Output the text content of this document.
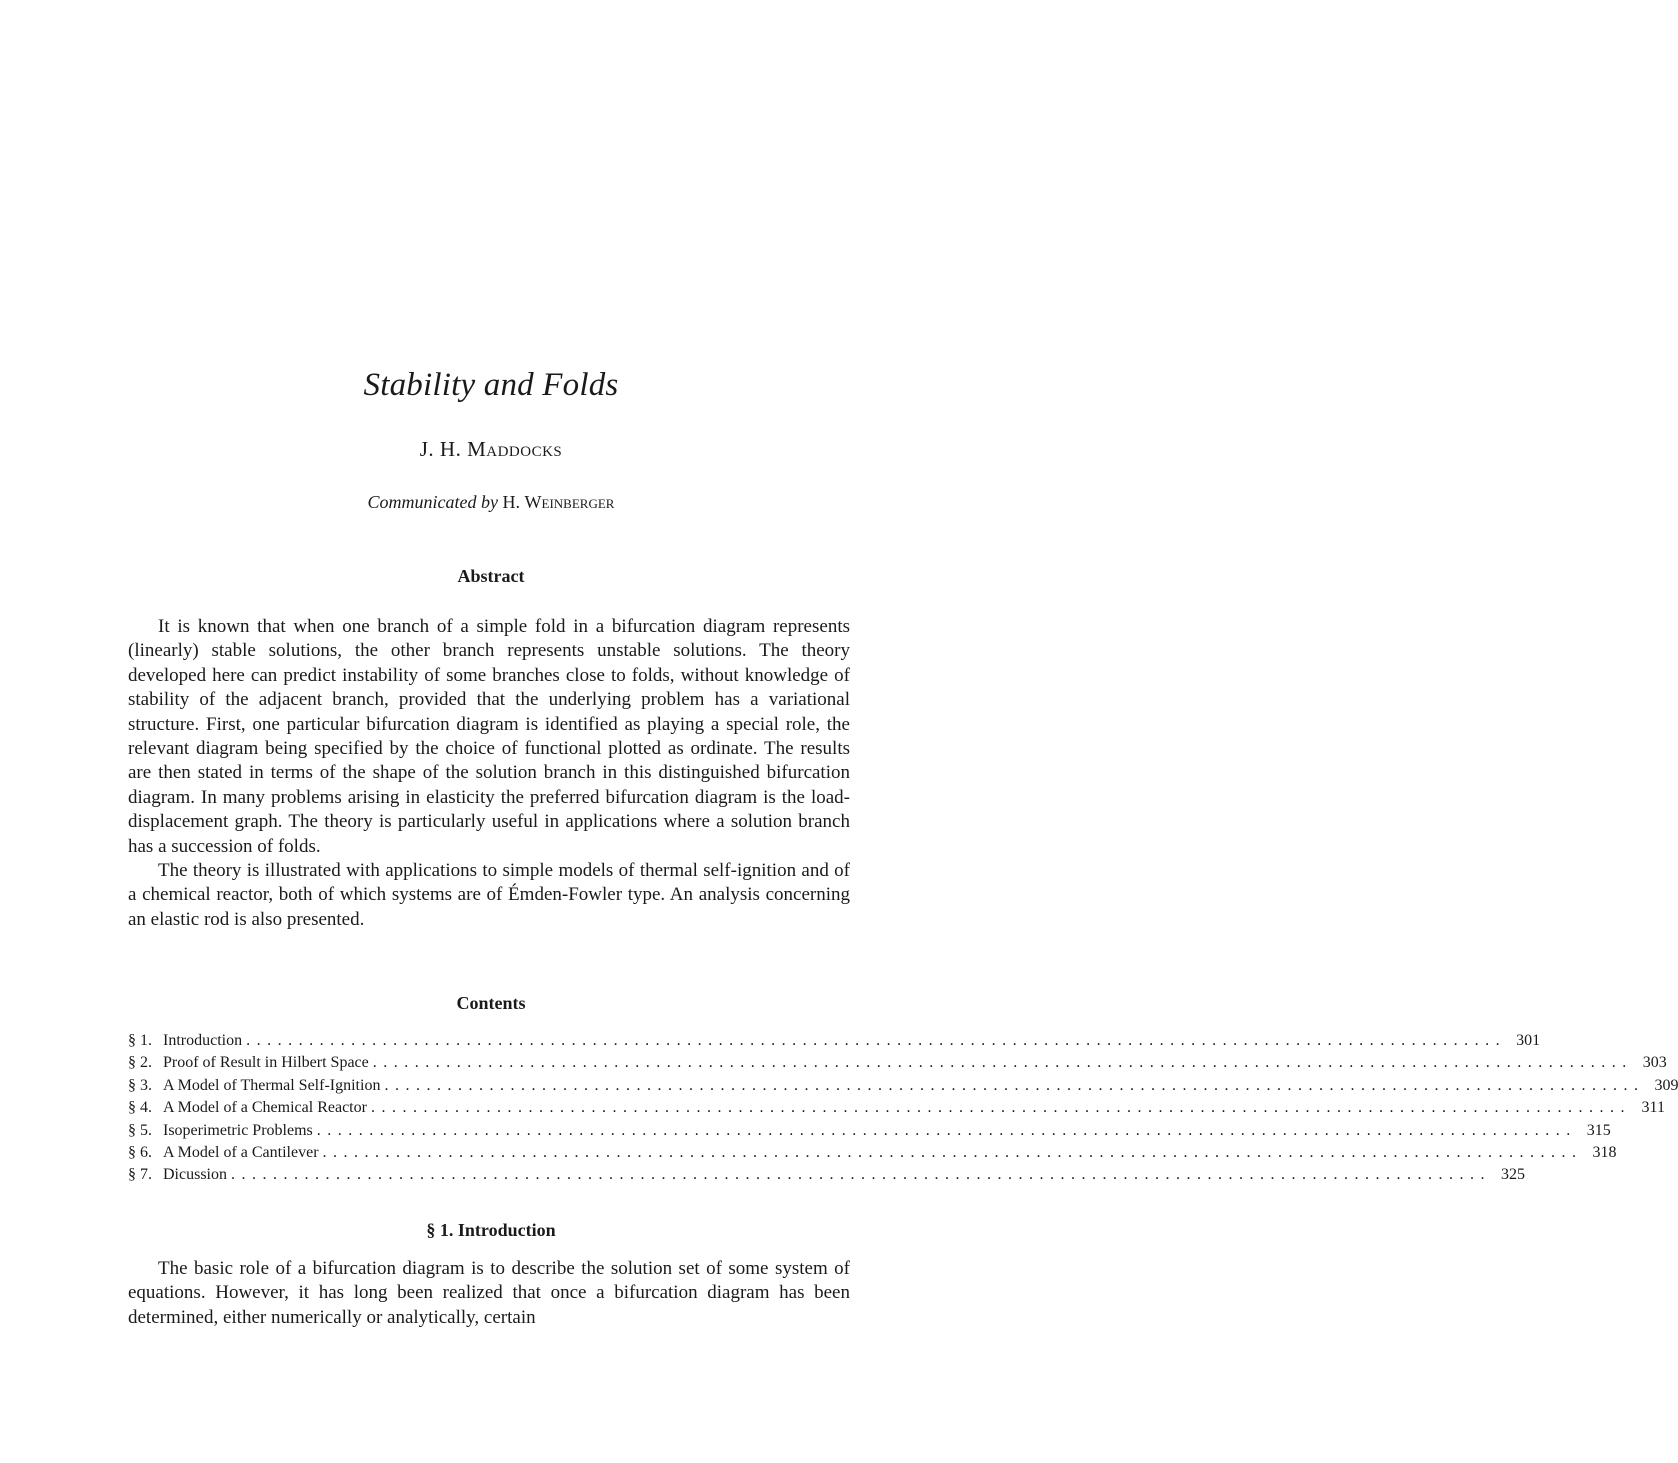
Stability and Folds
J. H. Maddocks
Communicated by H. Weinberger
Abstract

It is known that when one branch of a simple fold in a bifurcation diagram represents (linearly) stable solutions, the other branch represents unstable solutions. The theory developed here can predict instability of some branches close to folds, without knowledge of stability of the adjacent branch, provided that the underlying problem has a variational structure. First, one particular bifurcation diagram is identified as playing a special role, the relevant diagram being specified by the choice of functional plotted as ordinate. The results are then stated in terms of the shape of the solution branch in this distinguished bifurcation diagram. In many problems arising in elasticity the preferred bifurcation diagram is the load-displacement graph. The theory is particularly useful in applications where a solution branch has a succession of folds.

The theory is illustrated with applications to simple models of thermal self-ignition and of a chemical reactor, both of which systems are of Émden-Fowler type. An analysis concerning an elastic rod is also presented.

Contents
§ 1. Introduction ........................................................................................................................ 301
§ 2. Proof of Result in Hilbert Space ........................................................................................................................ 303
§ 3. A Model of Thermal Self-Ignition ........................................................................................................................ 309
§ 4. A Model of a Chemical Reactor ........................................................................................................................ 311
§ 5. Isoperimetric Problems ........................................................................................................................ 315
§ 6. A Model of a Cantilever ........................................................................................................................ 318
§ 7. Dicussion ........................................................................................................................ 325
§ 1. Introduction

The basic role of a bifurcation diagram is to describe the solution set of some system of equations. However, it has long been realized that once a bifurcation diagram has been determined, either numerically or analytically, certain
